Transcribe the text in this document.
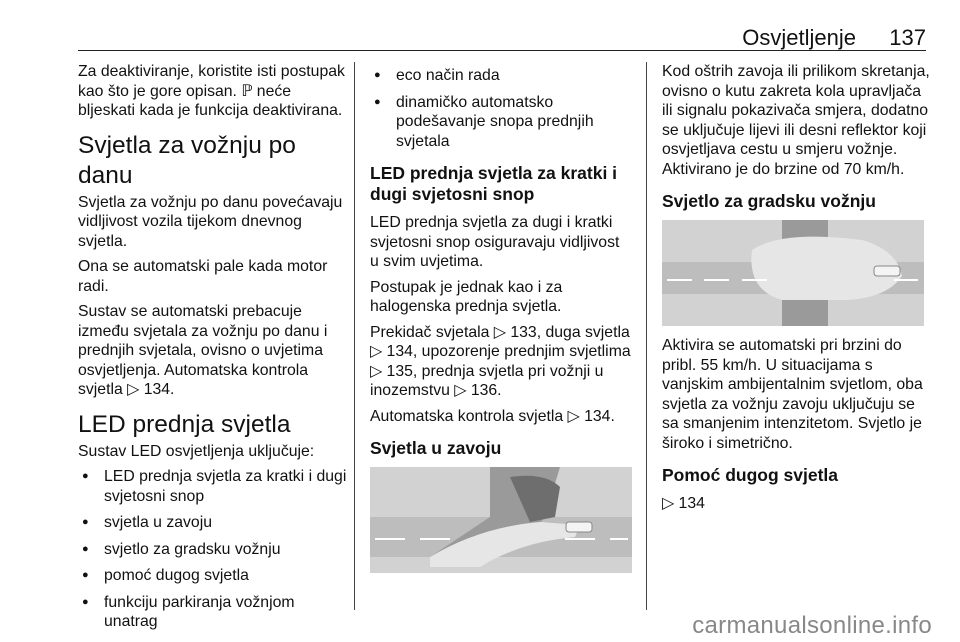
Osvjetljenje 137

Za deaktiviranje, koristite isti postupak kao što je gore opisan. ℙ neće bljeskati kada je funkcija deaktivirana.

Svjetla za vožnju po danu

Svjetla za vožnju po danu povećavaju vidljivost vozila tijekom dnevnog svjetla.

Ona se automatski pale kada motor radi.

Sustav se automatski prebacuje između svjetala za vožnju po danu i prednjih svjetala, ovisno o uvjetima osvjetljenja. Automatska kontrola svjetla ▷ 134.

LED prednja svjetla

Sustav LED osvjetljenja uključuje:

● LED prednja svjetla za kratki i dugi svjetosni snop
● svjetla u zavoju
● svjetlo za gradsku vožnju
● pomoć dugog svjetla
● funkciju parkiranja vožnjom unatrag
● eco način rada
● dinamičko automatsko podešavanje snopa prednjih svjetala
LED prednja svjetla za kratki i dugi svjetosni snop

LED prednja svjetla za dugi i kratki svjetosni snop osiguravaju vidljivost u svim uvjetima.

Postupak je jednak kao i za halogenska prednja svjetla.

Prekidač svjetala ▷ 133, duga svjetla ▷ 134, upozorenje prednjim svjetlima ▷ 135, prednja svjetla pri vožnji u inozemstvu ▷ 136.

Automatska kontrola svjetla ▷ 134.

Svjetla u zavoju

Kod oštrih zavoja ili prilikom skretanja, ovisno o kutu zakreta kola upravljača ili signalu pokazivača smjera, dodatno se uključuje lijevi ili desni reflektor koji osvjetljava cestu u smjeru vožnje. Aktivirano je do brzine od 70 km/h.

Svjetlo za gradsku vožnju

Aktivira se automatski pri brzini do pribl. 55 km/h. U situacijama s vanjskim ambijentalnim svjetlom, oba svjetla za vožnju zavoju uključuju se sa smanjenim intenzitetom. Svjetlo je široko i simetrično.

Pomoć dugog svjetla

▷ 134

carmanualsonline.info
